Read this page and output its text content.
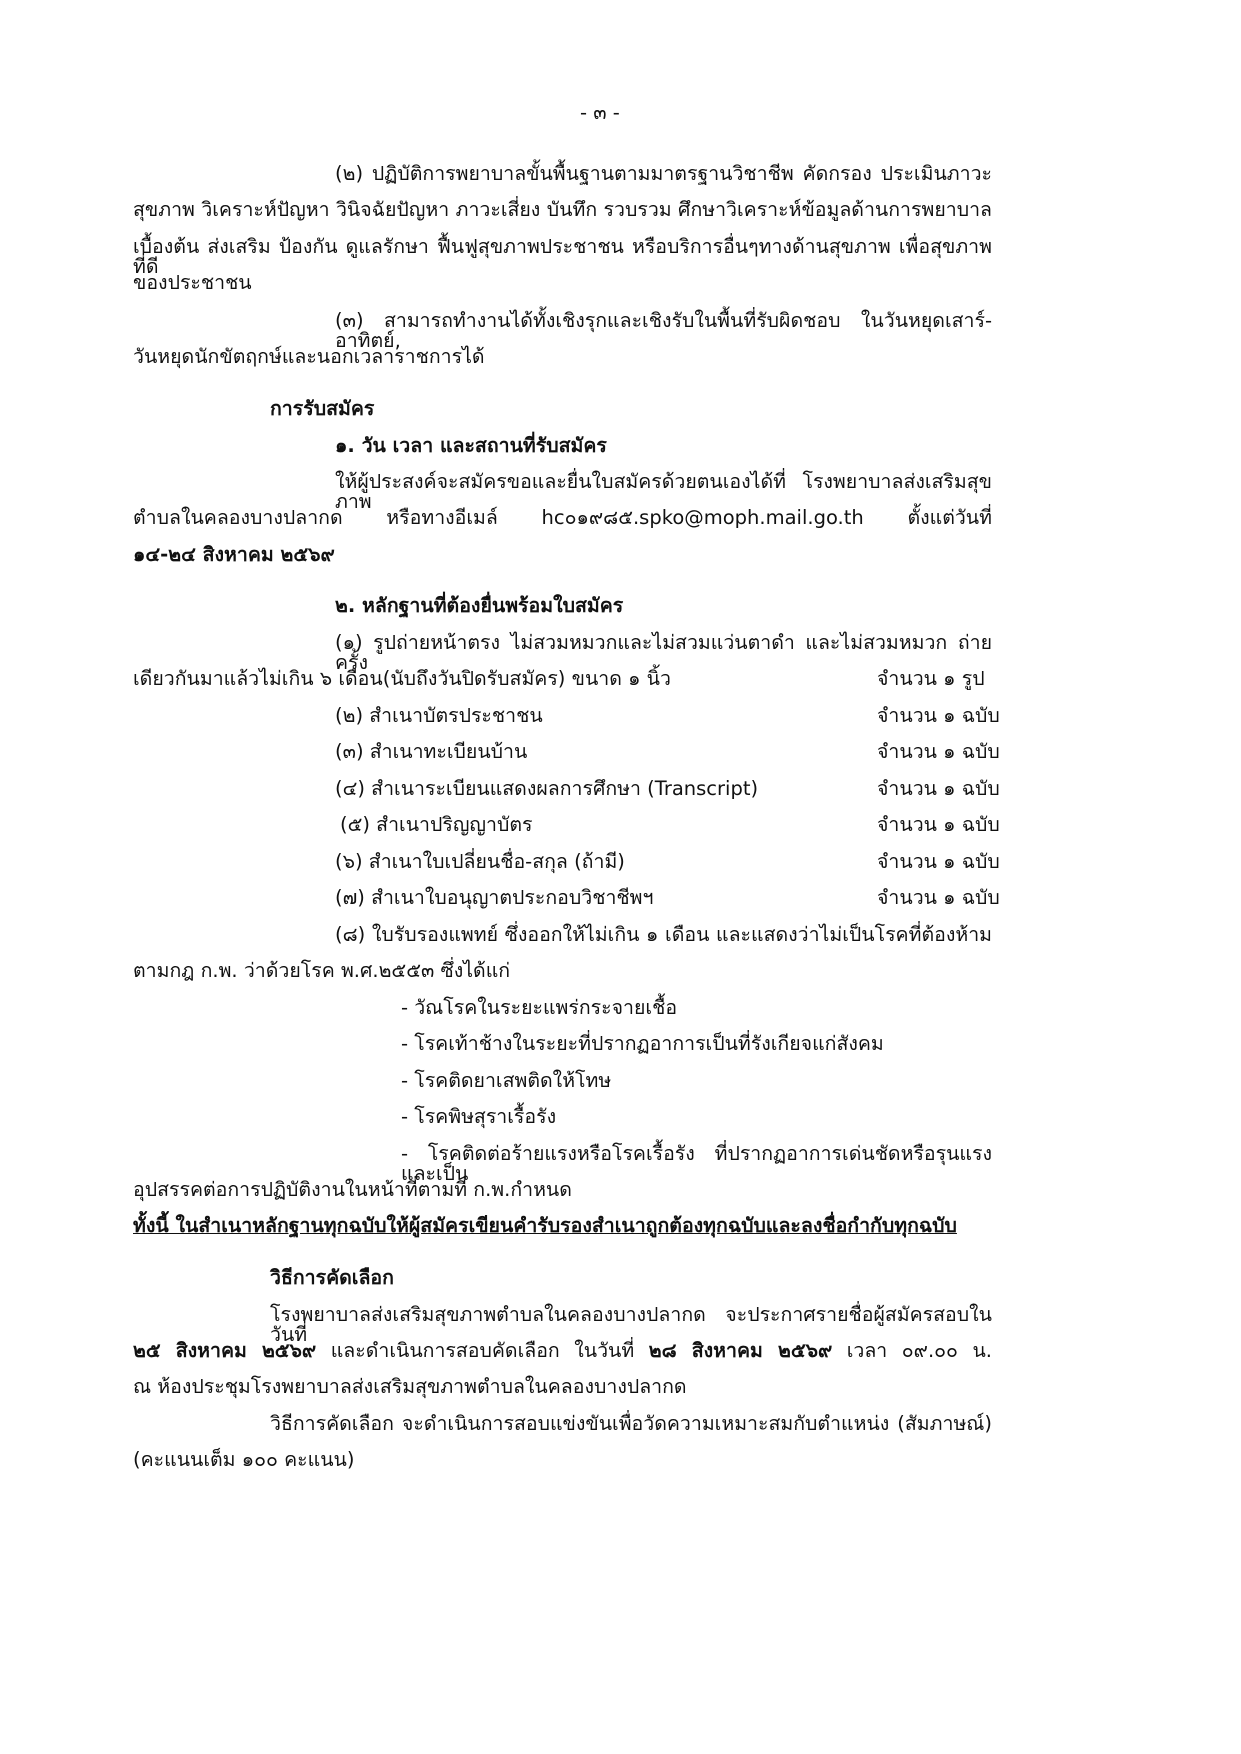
- ๓ -
(๒) ปฏิบัติการพยาบาลขั้นพื้นฐานตามมาตรฐานวิชาชีพ คัดกรอง ประเมินภาวะ
สุขภาพ วิเคราะห์ปัญหา วินิจฉัยปัญหา ภาวะเสี่ยง บันทึก รวบรวม ศึกษาวิเคราะห์ข้อมูลด้านการพยาบาล
เบื้องต้น ส่งเสริม ป้องกัน ดูแลรักษา ฟื้นฟูสุขภาพประชาชน หรือบริการอื่นๆทางด้านสุขภาพ เพื่อสุขภาพที่ดี
ของประชาชน
(๓) สามารถทำงานได้ทั้งเชิงรุกและเชิงรับในพื้นที่รับผิดชอบ ในวันหยุดเสาร์-อาทิตย์,
วันหยุดนักขัตฤกษ์และนอกเวลาราชการได้
การรับสมัคร
๑. วัน เวลา และสถานที่รับสมัคร
ให้ผู้ประสงค์จะสมัครขอและยื่นใบสมัครด้วยตนเองได้ที่ โรงพยาบาลส่งเสริมสุขภาพ
ตำบลในคลองบางปลากด หรือทางอีเมล์ hc๐๑๙๘๕.spko@moph.mail.go.th ตั้งแต่วันที่
๑๔-๒๔ สิงหาคม ๒๕๖๙
๒. หลักฐานที่ต้องยื่นพร้อมใบสมัคร
(๑) รูปถ่ายหน้าตรง ไม่สวมหมวกและไม่สวมแว่นตาดำ และไม่สวมหมวก ถ่ายครั้ง
เดียวกันมาแล้วไม่เกิน ๖ เดือน(นับถึงวันปิดรับสมัคร) ขนาด ๑ นิ้ว	จำนวน ๑ รูป
(๒) สำเนาบัตรประชาชน	จำนวน ๑ ฉบับ
(๓) สำเนาทะเบียนบ้าน	จำนวน ๑ ฉบับ
(๔) สำเนาระเบียนแสดงผลการศึกษา (Transcript)	จำนวน ๑ ฉบับ
(๕) สำเนาปริญญาบัตร	จำนวน ๑ ฉบับ
(๖) สำเนาใบเปลี่ยนชื่อ-สกุล (ถ้ามี)	จำนวน ๑ ฉบับ
(๗) สำเนาใบอนุญาตประกอบวิชาชีพฯ	จำนวน ๑ ฉบับ
(๘) ใบรับรองแพทย์ ซึ่งออกให้ไม่เกิน ๑ เดือน และแสดงว่าไม่เป็นโรคที่ต้องห้าม
ตามกฎ ก.พ. ว่าด้วยโรค พ.ศ.๒๕๕๓ ซึ่งได้แก่
- วัณโรคในระยะแพร่กระจายเชื้อ
- โรคเท้าช้างในระยะที่ปรากฏอาการเป็นที่รังเกียจแก่สังคม
- โรคติดยาเสพติดให้โทษ
- โรคพิษสุราเรื้อรัง
- โรคติดต่อร้ายแรงหรือโรคเรื้อรัง ที่ปรากฏอาการเด่นชัดหรือรุนแรงและเป็น
อุปสรรคต่อการปฏิบัติงานในหน้าที่ตามที่ ก.พ.กำหนด
ทั้งนี้ ในสำเนาหลักฐานทุกฉบับให้ผู้สมัครเขียนคำรับรองสำเนาถูกต้องทุกฉบับและลงชื่อกำกับทุกฉบับ
วิธีการคัดเลือก
โรงพยาบาลส่งเสริมสุขภาพตำบลในคลองบางปลากด จะประกาศรายชื่อผู้สมัครสอบในวันที่
๒๕ สิงหาคม ๒๕๖๙ และดำเนินการสอบคัดเลือก ในวันที่ ๒๘ สิงหาคม ๒๕๖๙ เวลา ๐๙.๐๐ น.
ณ ห้องประชุมโรงพยาบาลส่งเสริมสุขภาพตำบลในคลองบางปลากด
วิธีการคัดเลือก จะดำเนินการสอบแข่งขันเพื่อวัดความเหมาะสมกับตำแหน่ง (สัมภาษณ์)
(คะแนนเต็ม ๑๐๐ คะแนน)
